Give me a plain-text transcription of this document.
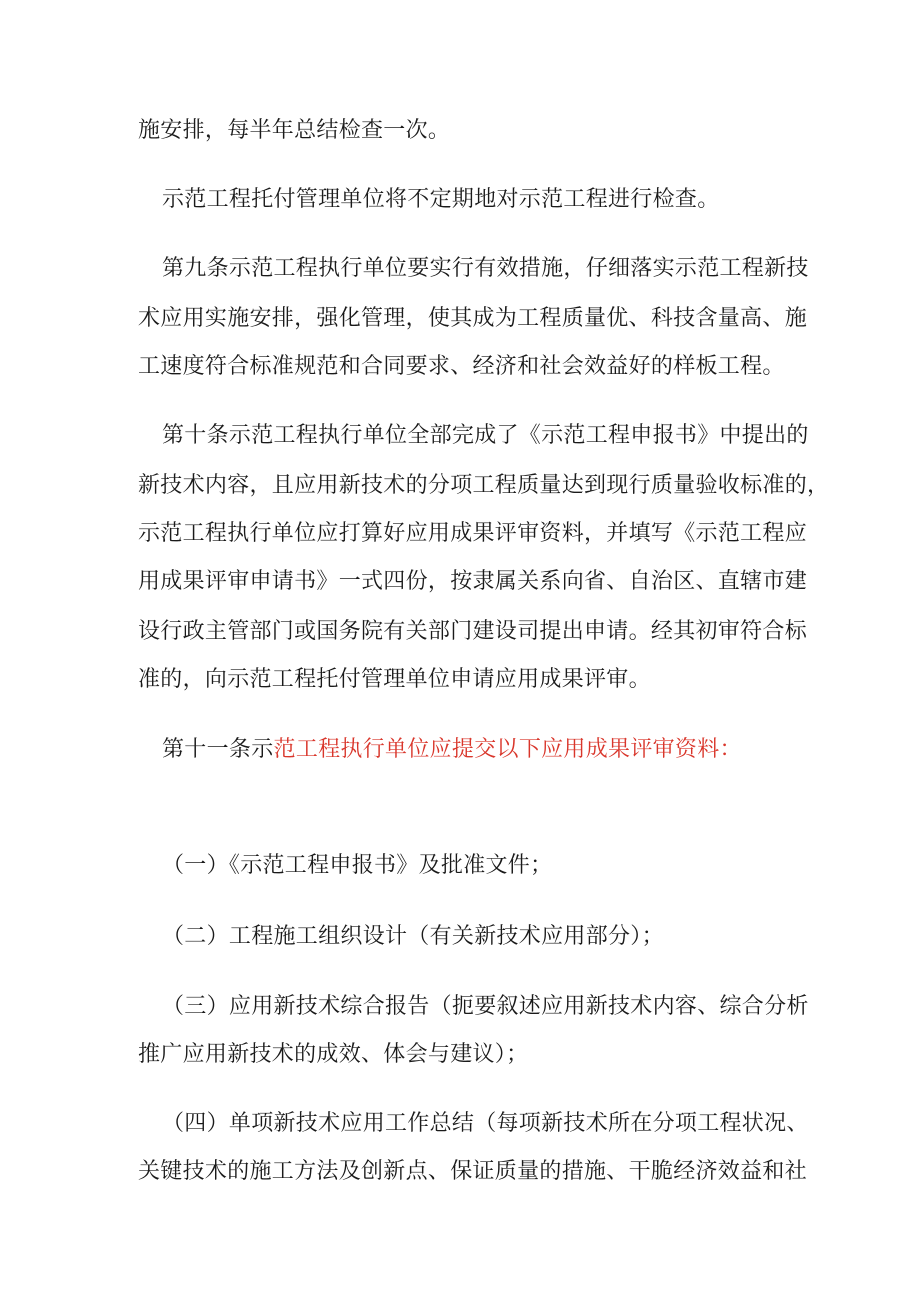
施安排，每半年总结检查一次。
示范工程托付管理单位将不定期地对示范工程进行检查。
第九条示范工程执行单位要实行有效措施，仔细落实示范工程新技
术应用实施安排，强化管理，使其成为工程质量优、科技含量高、施
工速度符合标准规范和合同要求、经济和社会效益好的样板工程。
第十条示范工程执行单位全部完成了《示范工程申报书》中提出的
新技术内容，且应用新技术的分项工程质量达到现行质量验收标准的，
示范工程执行单位应打算好应用成果评审资料，并填写《示范工程应
用成果评审申请书》一式四份，按隶属关系向省、自治区、直辖市建
设行政主管部门或国务院有关部门建设司提出申请。经其初审符合标
准的，向示范工程托付管理单位申请应用成果评审。
第十一条示范工程执行单位应提交以下应用成果评审资料：
（一）《示范工程申报书》及批准文件；
（二）工程施工组织设计（有关新技术应用部分）；
（三）应用新技术综合报告（扼要叙述应用新技术内容、综合分析
推广应用新技术的成效、体会与建议）；
（四）单项新技术应用工作总结（每项新技术所在分项工程状况、
关键技术的施工方法及创新点、保证质量的措施、干脆经济效益和社
